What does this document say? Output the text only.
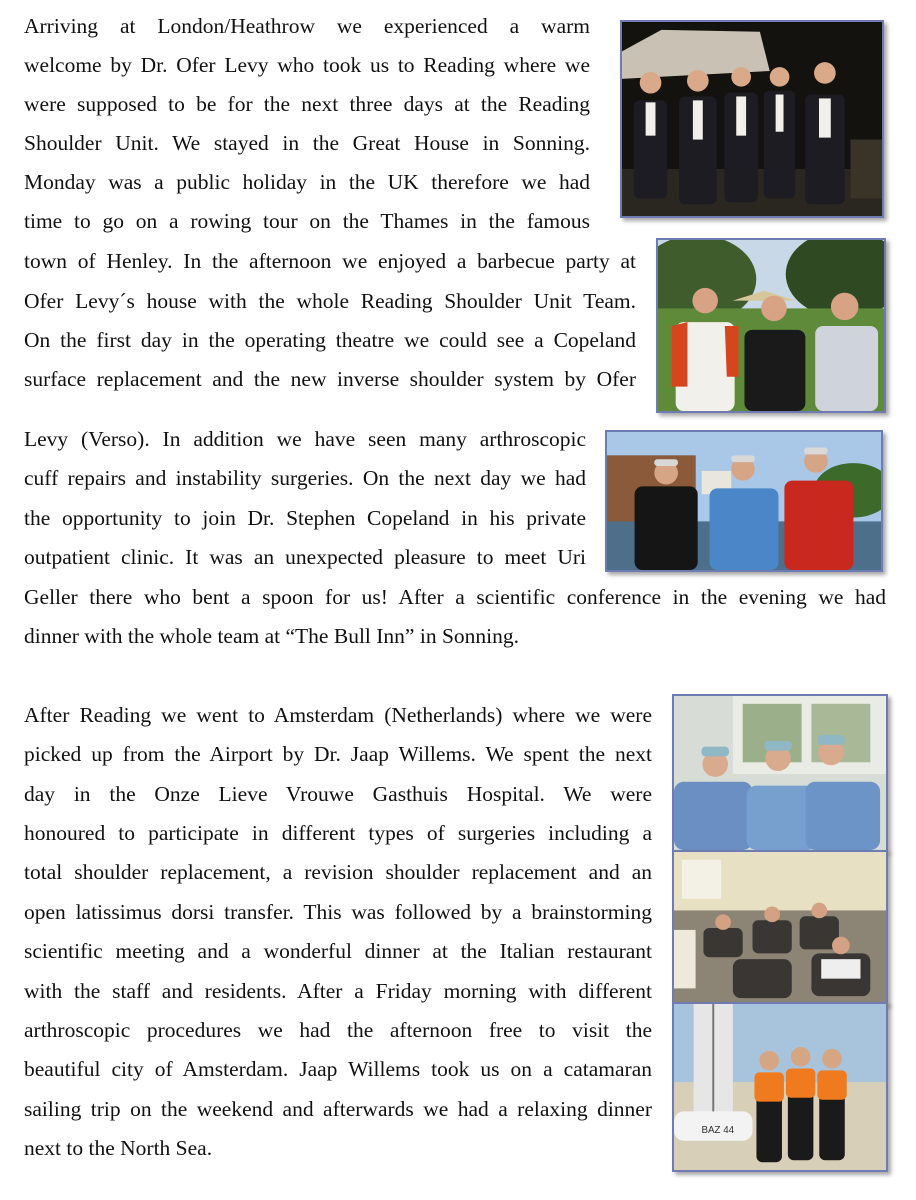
Arriving at London/Heathrow we experienced a warm
welcome by Dr. Ofer Levy who took us to Reading where we
were supposed to be for the next three days at the Reading
Shoulder Unit. We stayed in the Great House in Sonning.
Monday was a public holiday in the UK therefore we had
time to go on a rowing tour on the Thames in the famous
town of Henley. In the afternoon we enjoyed a barbecue party at
Ofer Levy´s house with the whole Reading Shoulder Unit Team.
On the first day in the operating theatre we could see a Copeland
surface replacement and the new inverse shoulder system by Ofer
Levy (Verso). In addition we have seen many arthroscopic
cuff repairs and instability surgeries. On the next day we had
the opportunity to join Dr. Stephen Copeland in his private
outpatient clinic. It was an unexpected pleasure to meet Uri
Geller there who bent a spoon for us! After a scientific conference in the evening we had
dinner with the whole team at “The Bull Inn” in Sonning.
After Reading we went to Amsterdam (Netherlands) where we were
picked up from the Airport by Dr. Jaap Willems. We spent the next
day in the Onze Lieve Vrouwe Gasthuis Hospital. We were
honoured to participate in different types of surgeries including a
total shoulder replacement, a revision shoulder replacement and an
open latissimus dorsi transfer. This was followed by a brainstorming
scientific meeting and a wonderful dinner at the Italian restaurant
with the staff and residents. After a Friday morning with different
arthroscopic procedures we had the afternoon free to visit the
beautiful city of Amsterdam. Jaap Willems took us on a catamaran
sailing trip on the weekend and afterwards we had a relaxing dinner
next to the North Sea.
BAZ 44
